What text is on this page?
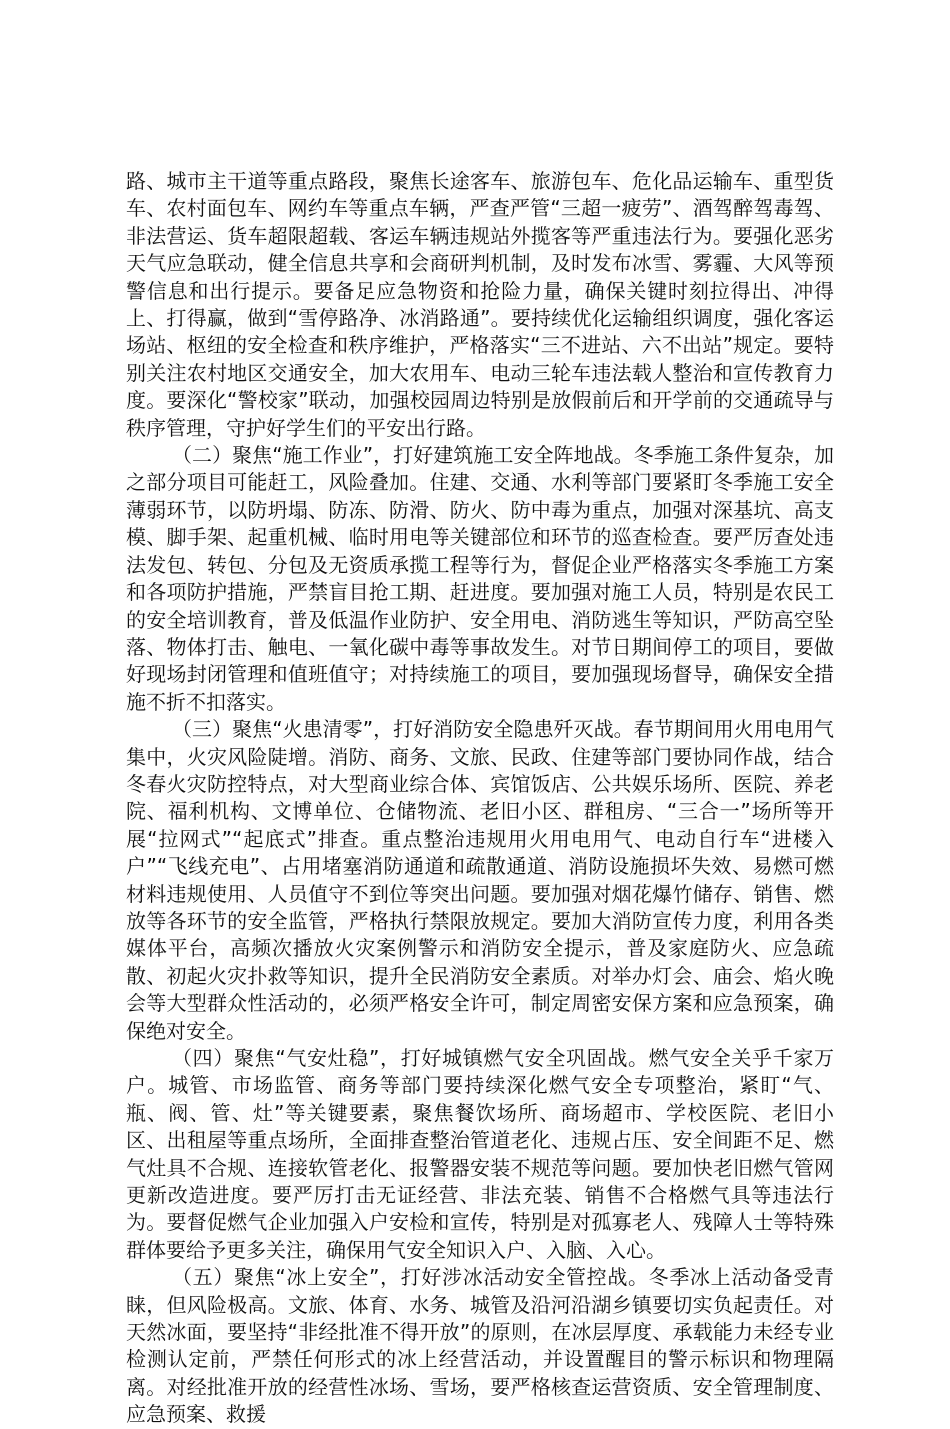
路、城市主干道等重点路段，聚焦长途客车、旅游包车、危化品运输车、重型货车、农村面包车、网约车等重点车辆，严查严管“三超一疲劳”、酒驾醉驾毒驾、非法营运、货车超限超载、客运车辆违规站外揽客等严重违法行为。要强化恶劣天气应急联动，健全信息共享和会商研判机制，及时发布冰雪、雾霾、大风等预警信息和出行提示。要备足应急物资和抢险力量，确保关键时刻拉得出、冲得上、打得赢，做到“雪停路净、冰消路通”。要持续优化运输组织调度，强化客运场站、枢纽的安全检查和秩序维护，严格落实“三不进站、六不出站”规定。要特别关注农村地区交通安全，加大农用车、电动三轮车违法载人整治和宣传教育力度。要深化“警校家”联动，加强校园周边特别是放假前后和开学前的交通疏导与秩序管理，守护好学生们的平安出行路。

（二）聚焦“施工作业”，打好建筑施工安全阵地战。冬季施工条件复杂，加之部分项目可能赶工，风险叠加。住建、交通、水利等部门要紧盯冬季施工安全薄弱环节，以防坍塌、防冻、防滑、防火、防中毒为重点，加强对深基坑、高支模、脚手架、起重机械、临时用电等关键部位和环节的巡查检查。要严厉查处违法发包、转包、分包及无资质承揽工程等行为，督促企业严格落实冬季施工方案和各项防护措施，严禁盲目抢工期、赶进度。要加强对施工人员，特别是农民工的安全培训教育，普及低温作业防护、安全用电、消防逃生等知识，严防高空坠落、物体打击、触电、一氧化碳中毒等事故发生。对节日期间停工的项目，要做好现场封闭管理和值班值守；对持续施工的项目，要加强现场督导，确保安全措施不折不扣落实。

（三）聚焦“火患清零”，打好消防安全隐患歼灭战。春节期间用火用电用气集中，火灾风险陡增。消防、商务、文旅、民政、住建等部门要协同作战，结合冬春火灾防控特点，对大型商业综合体、宾馆饭店、公共娱乐场所、医院、养老院、福利机构、文博单位、仓储物流、老旧小区、群租房、“三合一”场所等开展“拉网式”“起底式”排查。重点整治违规用火用电用气、电动自行车“进楼入户”“飞线充电”、占用堵塞消防通道和疏散通道、消防设施损坏失效、易燃可燃材料违规使用、人员值守不到位等突出问题。要加强对烟花爆竹储存、销售、燃放等各环节的安全监管，严格执行禁限放规定。要加大消防宣传力度，利用各类媒体平台，高频次播放火灾案例警示和消防安全提示，普及家庭防火、应急疏散、初起火灾扑救等知识，提升全民消防安全素质。对举办灯会、庙会、焰火晚会等大型群众性活动的，必须严格安全许可，制定周密安保方案和应急预案，确保绝对安全。

（四）聚焦“气安灶稳”，打好城镇燃气安全巩固战。燃气安全关乎千家万户。城管、市场监管、商务等部门要持续深化燃气安全专项整治，紧盯“气、瓶、阀、管、灶”等关键要素，聚焦餐饮场所、商场超市、学校医院、老旧小区、出租屋等重点场所，全面排查整治管道老化、违规占压、安全间距不足、燃气灶具不合规、连接软管老化、报警器安装不规范等问题。要加快老旧燃气管网更新改造进度。要严厉打击无证经营、非法充装、销售不合格燃气具等违法行为。要督促燃气企业加强入户安检和宣传，特别是对孤寡老人、残障人士等特殊群体要给予更多关注，确保用气安全知识入户、入脑、入心。

（五）聚焦“冰上安全”，打好涉冰活动安全管控战。冬季冰上活动备受青睐，但风险极高。文旅、体育、水务、城管及沿河沿湖乡镇要切实负起责任。对天然冰面，要坚持“非经批准不得开放”的原则，在冰层厚度、承载能力未经专业检测认定前，严禁任何形式的冰上经营活动，并设置醒目的警示标识和物理隔离。对经批准开放的经营性冰场、雪场，要严格核查运营资质、安全管理制度、应急预案、救援
